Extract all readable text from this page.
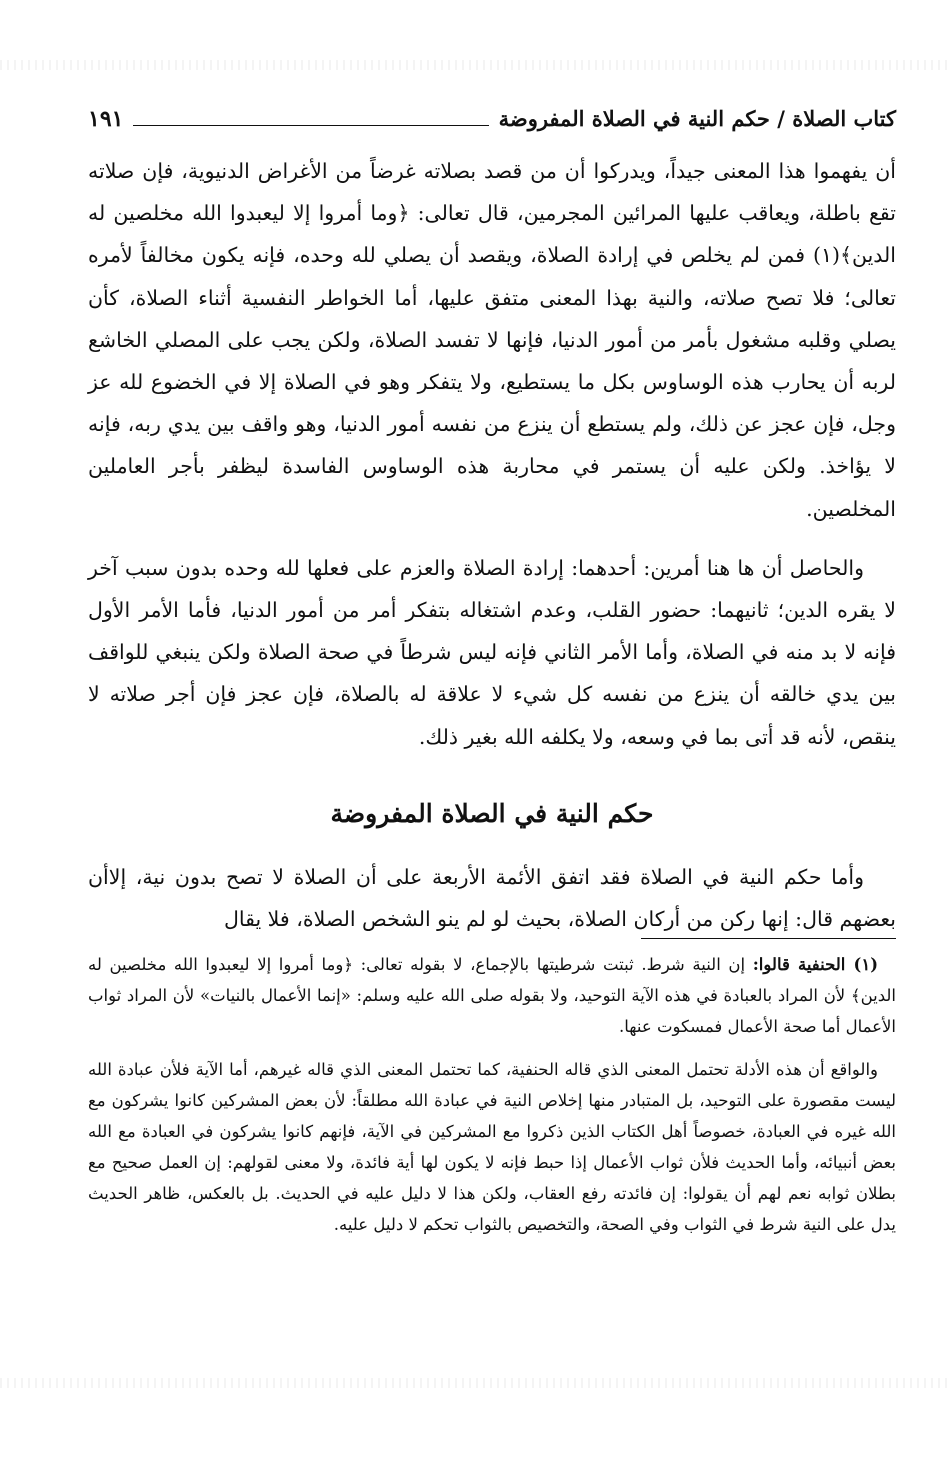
كتاب الصلاة / حكم النية في الصلاة المفروضة
١٩١

أن يفهموا هذا المعنى جيداً، ويدركوا أن من قصد بصلاته غرضاً من الأغراض الدنيوية، فإن صلاته تقع باطلة، ويعاقب عليها المرائين المجرمين، قال تعالى: ﴿وما أمروا إلا ليعبدوا الله مخلصين له الدين﴾(١) فمن لم يخلص في إرادة الصلاة، ويقصد أن يصلي لله وحده، فإنه يكون مخالفاً لأمره تعالى؛ فلا تصح صلاته، والنية بهذا المعنى متفق عليها، أما الخواطر النفسية أثناء الصلاة، كأن يصلي وقلبه مشغول بأمر من أمور الدنيا، فإنها لا تفسد الصلاة، ولكن يجب على المصلي الخاشع لربه أن يحارب هذه الوساوس بكل ما يستطيع، ولا يتفكر وهو في الصلاة إلا في الخضوع لله عز وجل، فإن عجز عن ذلك، ولم يستطع أن ينزع من نفسه أمور الدنيا، وهو واقف بين يدي ربه، فإنه لا يؤاخذ. ولكن عليه أن يستمر في محاربة هذه الوساوس الفاسدة ليظفر بأجر العاملين المخلصين.

والحاصل أن ها هنا أمرين: أحدهما: إرادة الصلاة والعزم على فعلها لله وحده بدون سبب آخر لا يقره الدين؛ ثانيهما: حضور القلب، وعدم اشتغاله بتفكر أمر من أمور الدنيا، فأما الأمر الأول فإنه لا بد منه في الصلاة، وأما الأمر الثاني فإنه ليس شرطاً في صحة الصلاة ولكن ينبغي للواقف بين يدي خالقه أن ينزع من نفسه كل شيء لا علاقة له بالصلاة، فإن عجز فإن أجر صلاته لا ينقص، لأنه قد أتى بما في وسعه، ولا يكلفه الله بغير ذلك.

حكم النية في الصلاة المفروضة

وأما حكم النية في الصلاة فقد اتفق الأئمة الأربعة على أن الصلاة لا تصح بدون نية، إلاأن بعضهم قال: إنها ركن من أركان الصلاة، بحيث لو لم ينو الشخص الصلاة، فلا يقال

(١) الحنفية قالوا: إن النية شرط. ثبتت شرطيتها بالإجماع، لا بقوله تعالى: ﴿وما أمروا إلا ليعبدوا الله مخلصين له الدين﴾ لأن المراد بالعبادة في هذه الآية التوحيد، ولا بقوله صلى الله عليه وسلم: «إنما الأعمال بالنيات» لأن المراد ثواب الأعمال أما صحة الأعمال فمسكوت عنها.

والواقع أن هذه الأدلة تحتمل المعنى الذي قاله الحنفية، كما تحتمل المعنى الذي قاله غيرهم، أما الآية فلأن عبادة الله ليست مقصورة على التوحيد، بل المتبادر منها إخلاص النية في عبادة الله مطلقاً: لأن بعض المشركين كانوا يشركون مع الله غيره في العبادة، خصوصاً أهل الكتاب الذين ذكروا مع المشركين في الآية، فإنهم كانوا يشركون في العبادة مع الله بعض أنبيائه، وأما الحديث فلأن ثواب الأعمال إذا حبط فإنه لا يكون لها أية فائدة، ولا معنى لقولهم: إن العمل صحيح مع بطلان ثوابه نعم لهم أن يقولوا: إن فائدته رفع العقاب، ولكن هذا لا دليل عليه في الحديث. بل بالعكس، ظاهر الحديث يدل على النية شرط في الثواب وفي الصحة، والتخصيص بالثواب تحكم لا دليل عليه.
